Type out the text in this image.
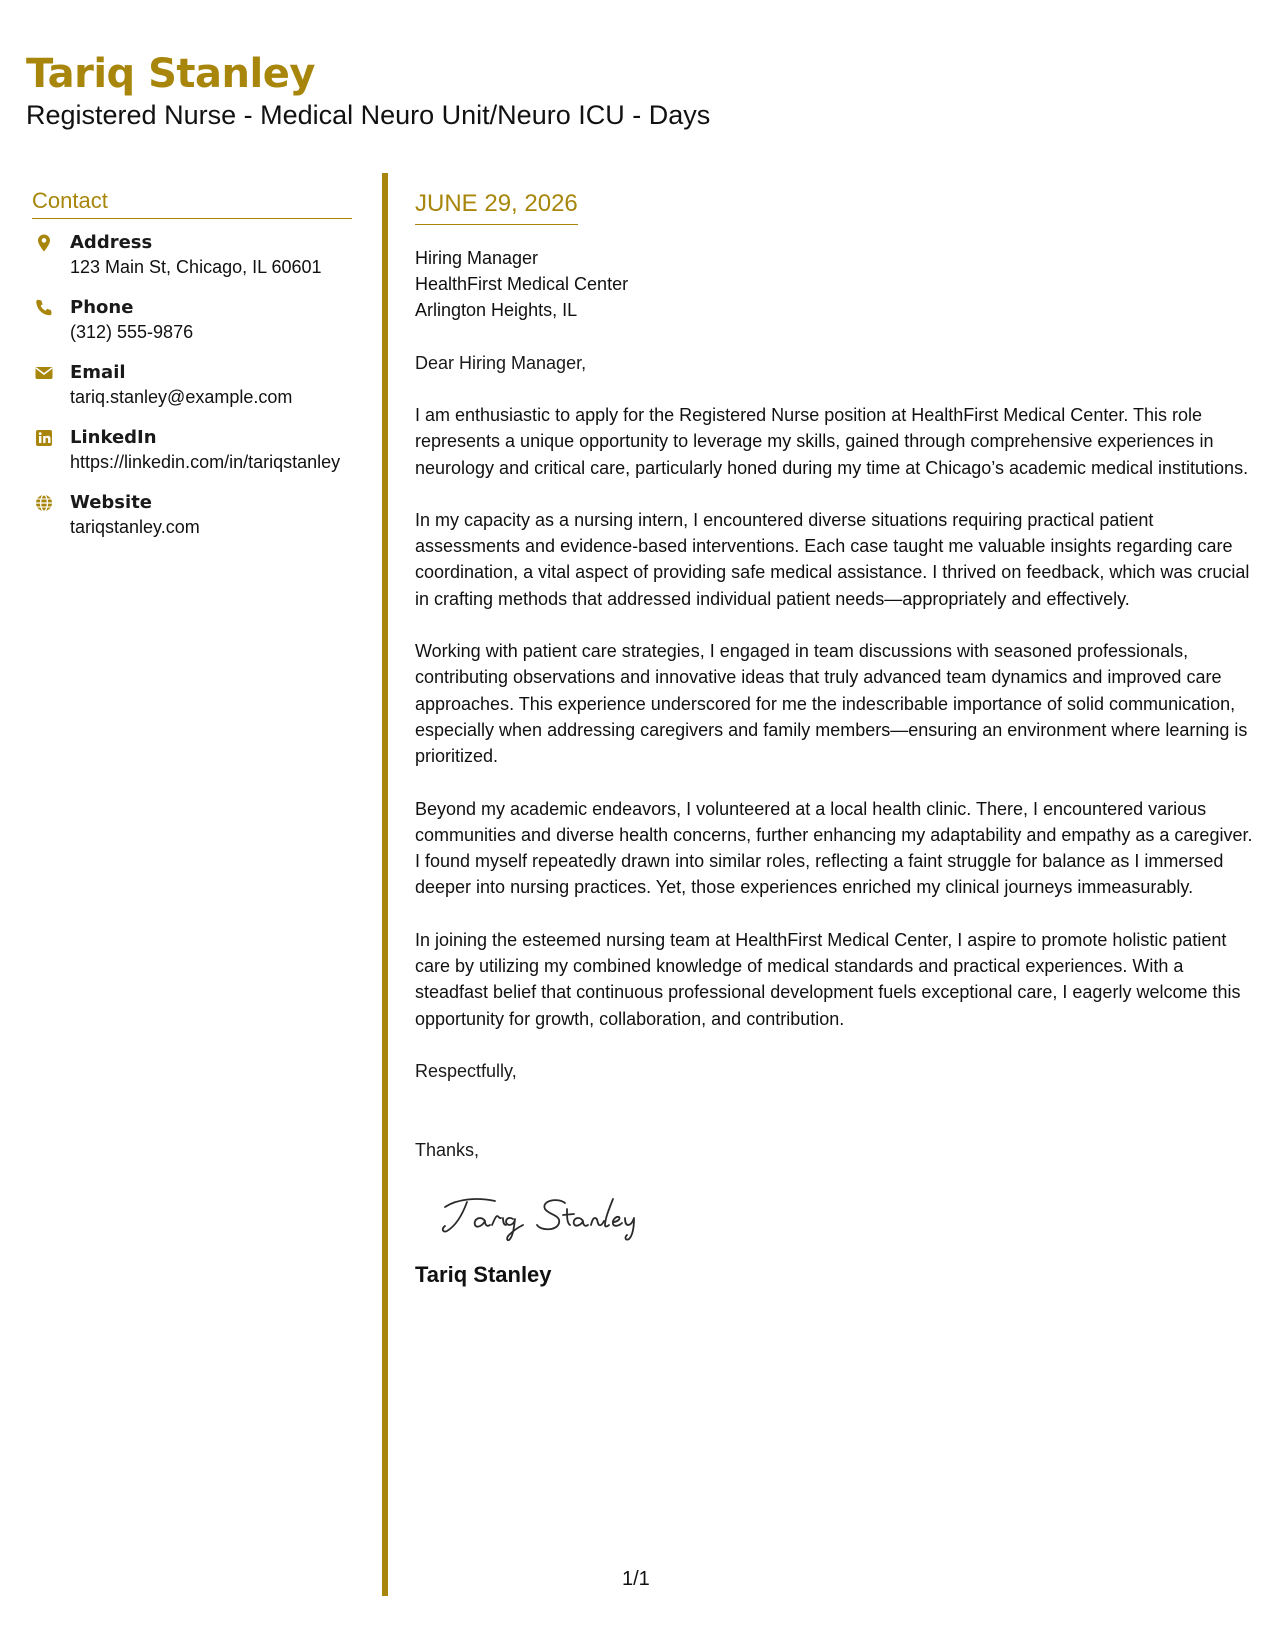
Tariq Stanley
Registered Nurse - Medical Neuro Unit/Neuro ICU - Days
Contact
Address
123 Main St, Chicago, IL 60601
Phone
(312) 555-9876
Email
tariq.stanley@example.com
LinkedIn
https://linkedin.com/in/tariqstanley
Website
tariqstanley.com
JUNE 29, 2026
Hiring Manager
HealthFirst Medical Center
Arlington Heights, IL
Dear Hiring Manager,
I am enthusiastic to apply for the Registered Nurse position at HealthFirst Medical Center. This role represents a unique opportunity to leverage my skills, gained through comprehensive experiences in neurology and critical care, particularly honed during my time at Chicago’s academic medical institutions.
In my capacity as a nursing intern, I encountered diverse situations requiring practical patient assessments and evidence-based interventions. Each case taught me valuable insights regarding care coordination, a vital aspect of providing safe medical assistance. I thrived on feedback, which was crucial in crafting methods that addressed individual patient needs—appropriately and effectively.
Working with patient care strategies, I engaged in team discussions with seasoned professionals, contributing observations and innovative ideas that truly advanced team dynamics and improved care approaches. This experience underscored for me the indescribable importance of solid communication, especially when addressing caregivers and family members—ensuring an environment where learning is prioritized.
Beyond my academic endeavors, I volunteered at a local health clinic. There, I encountered various communities and diverse health concerns, further enhancing my adaptability and empathy as a caregiver. I found myself repeatedly drawn into similar roles, reflecting a faint struggle for balance as I immersed deeper into nursing practices. Yet, those experiences enriched my clinical journeys immeasurably.
In joining the esteemed nursing team at HealthFirst Medical Center, I aspire to promote holistic patient care by utilizing my combined knowledge of medical standards and practical experiences. With a steadfast belief that continuous professional development fuels exceptional care, I eagerly welcome this opportunity for growth, collaboration, and contribution.
Respectfully,
Thanks,
Tariq Stanley
1/1
